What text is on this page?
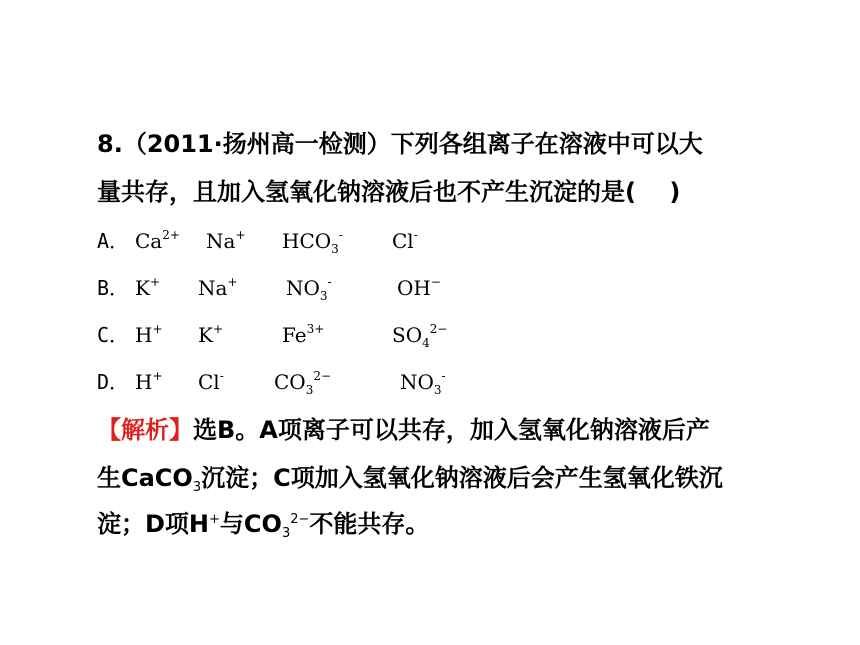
8.（2011·扬州高一检测）下列各组离子在溶液中可以大
量共存，且加入氢氧化钠溶液后也不产生沉淀的是(    )
A． $Ca^{2+}$ Na+ $HCO_3^-$ Cl-
B． K+ Na+ $NO_3^-$	OH−
C． H+ K+	$Fe^{3+}$	$SO_4^{2-}$
D． H+ Cl-	$CO_3^{2-}$	$NO_3^-$
【解析】选B。A项离子可以共存，加入氢氧化钠溶液后产
生CaCO$_3$沉淀；C项加入氢氧化钠溶液后会产生氢氧化铁沉
淀；D项H+与$CO_3^{2-}$不能共存。
